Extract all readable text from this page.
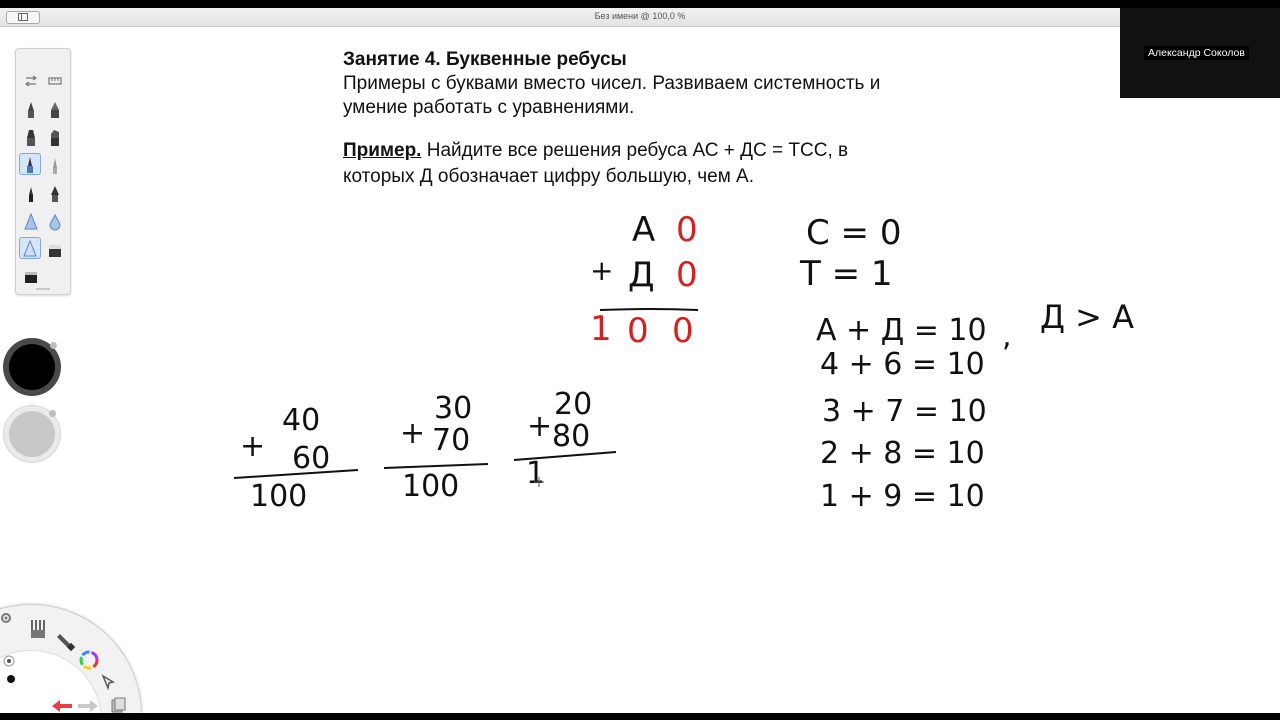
Без имени @ 100,0 %
Занятие 4. Буквенные ребусы
Примеры с буквами вместо чисел. Развиваем системность и
умение работать с уравнениями.
Пример. Найдите все решения ребуса АС + ДС = ТСС, в
которых Д обозначает цифру большую, чем А.
А 0
+ Д 0
1 0 0
С = 0
Т = 1
А + Д = 10
4 + 6 = 10
3 + 7 = 10
2 + 8 = 10
1 + 9 = 10
,
Д > А
40
+ 60
100
30
+ 70
100
20
+ 80
1
Александр Соколов
